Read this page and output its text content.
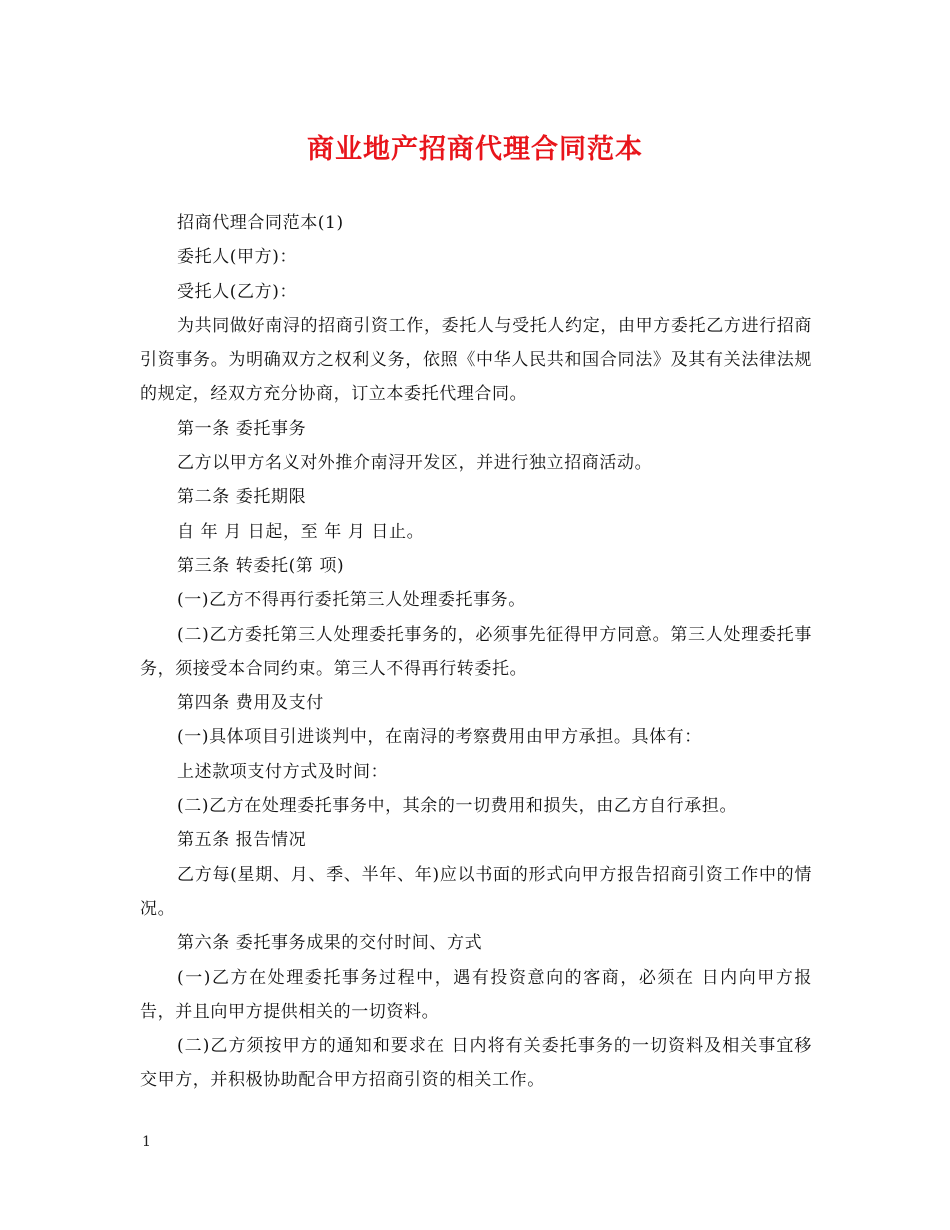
商业地产招商代理合同范本

招商代理合同范本(1)

委托人(甲方)：

受托人(乙方)：

为共同做好南浔的招商引资工作，委托人与受托人约定，由甲方委托乙方进行招商引资事务。为明确双方之权利义务，依照《中华人民共和国合同法》及其有关法律法规的规定，经双方充分协商，订立本委托代理合同。

第一条 委托事务

乙方以甲方名义对外推介南浔开发区，并进行独立招商活动。

第二条 委托期限

自 年 月 日起，至 年 月 日止。

第三条 转委托(第 项)

(一)乙方不得再行委托第三人处理委托事务。

(二)乙方委托第三人处理委托事务的，必须事先征得甲方同意。第三人处理委托事务，须接受本合同约束。第三人不得再行转委托。

第四条 费用及支付

(一)具体项目引进谈判中，在南浔的考察费用由甲方承担。具体有：

上述款项支付方式及时间：

(二)乙方在处理委托事务中，其余的一切费用和损失，由乙方自行承担。

第五条 报告情况

乙方每(星期、月、季、半年、年)应以书面的形式向甲方报告招商引资工作中的情况。

第六条 委托事务成果的交付时间、方式

(一)乙方在处理委托事务过程中，遇有投资意向的客商，必须在 日内向甲方报告，并且向甲方提供相关的一切资料。

(二)乙方须按甲方的通知和要求在 日内将有关委托事务的一切资料及相关事宜移交甲方，并积极协助配合甲方招商引资的相关工作。

1
